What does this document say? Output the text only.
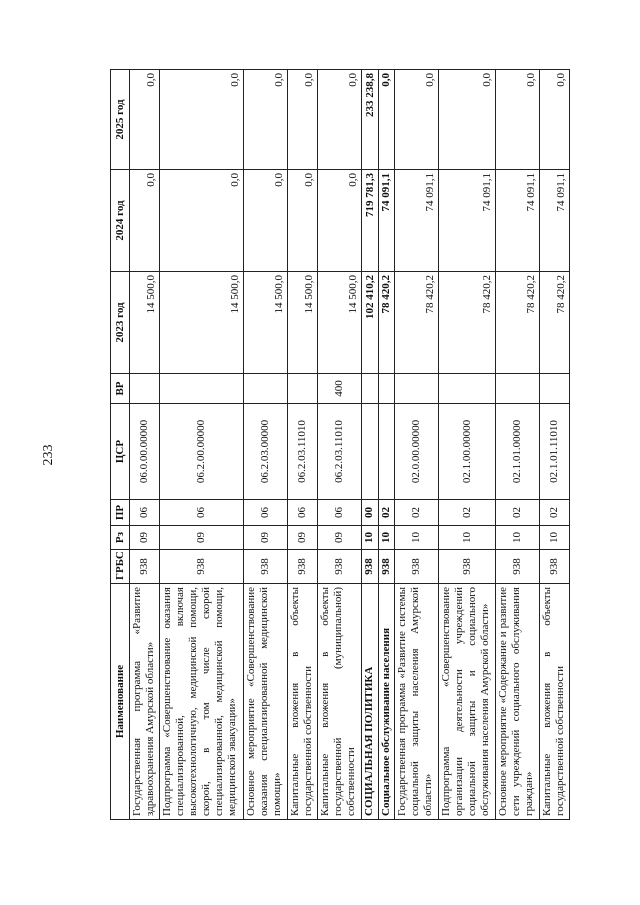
233
Наименование	ГРБС	Рз	ПР	ЦСР	ВР	2023 год	2024 год	2025 год
Государственная программа «Развитие здравоохранения Амурской области»	938	09	06	06.0.00.00000		14 500,0	0,0	0,0
Подпрограмма «Совершенствование оказания специализированной, включая высокотехнологичную, медицинской помощи, скорой, в том числе скорой специализированной, медицинской помощи, медицинской эвакуации»	938	09	06	06.2.00.00000		14 500,0	0,0	0,0
Основное мероприятие «Совершенствование оказания специализированной медицинской помощи»	938	09	06	06.2.03.00000		14 500,0	0,0	0,0
Капитальные вложения в объекты государственной собственности	938	09	06	06.2.03.11010		14 500,0	0,0	0,0
Капитальные вложения в объекты государственной (муниципальной) собственности	938	09	06	06.2.03.11010	400	14 500,0	0,0	0,0
СОЦИАЛЬНАЯ ПОЛИТИКА	938	10	00			102 410,2	719 781,3	233 238,8
Социальное обслуживание населения	938	10	02			78 420,2	74 091,1	0,0
Государственная программа «Развитие системы социальной защиты населения Амурской области»	938	10	02	02.0.00.00000		78 420,2	74 091,1	0,0
Подпрограмма «Совершенствование организации деятельности учреждений социальной защиты и социального обслуживания населения Амурской области»	938	10	02	02.1.00.00000		78 420,2	74 091,1	0,0
Основное мероприятие «Содержание и развитие сети учреждений социального обслуживания граждан»	938	10	02	02.1.01.00000		78 420,2	74 091,1	0,0
Капитальные вложения в объекты государственной собственности	938	10	02	02.1.01.11010		78 420,2	74 091,1	0,0
